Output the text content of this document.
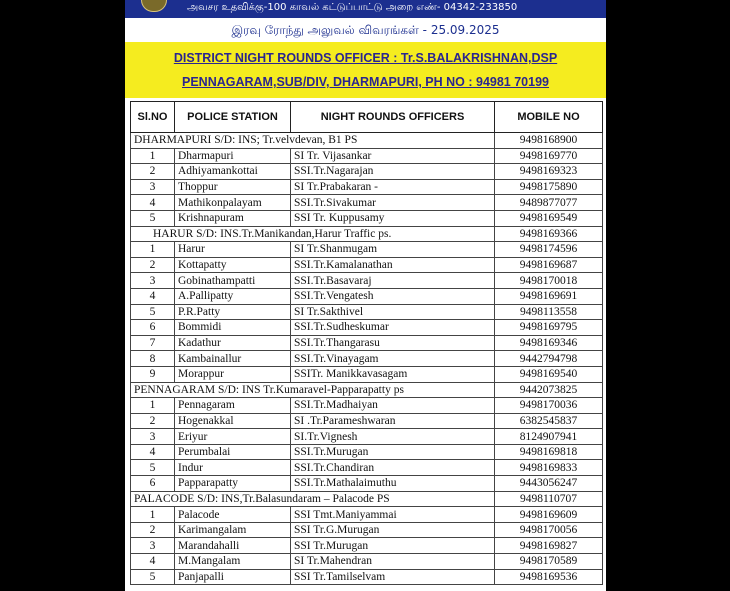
அவசர உதவிக்கு-100 காவல் கட்டுப்பாட்டு அறை எண்- 04342-233850
இரவு ரோந்து அலுவல் விவரங்கள் - 25.09.2025
DISTRICT NIGHT ROUNDS OFFICER : Tr.S.BALAKRISHNAN,DSP
PENNAGARAM,SUB/DIV, DHARMAPURI, PH NO : 94981 70199
Sl.NO	POLICE STATION	NIGHT ROUNDS OFFICERS	MOBILE NO
DHARMAPURI S/D: INS; Tr.velvdevan, B1 PS			9498168900
1	Dharmapuri	SI Tr. Vijasankar	9498169770
2	Adhiyamankottai	SSI.Tr.Nagarajan	9498169323
3	Thoppur	SI Tr.Prabakaran -	9498175890
4	Mathikonpalayam	SSI.Tr.Sivakumar	9489877077
5	Krishnapuram	SSI Tr. Kuppusamy	9498169549
HARUR S/D: INS.Tr.Manikandan,Harur Traffic ps.			9498169366
1	Harur	SI Tr.Shanmugam	9498174596
2	Kottapatty	SSI.Tr.Kamalanathan	9498169687
3	Gobinathampatti	SSI.Tr.Basavaraj	9498170018
4	A.Pallipatty	SSI.Tr.Vengatesh	9498169691
5	P.R.Patty	SI Tr.Sakthivel	9498113558
6	Bommidi	SSI.Tr.Sudheskumar	9498169795
7	Kadathur	SSI.Tr.Thangarasu	9498169346
8	Kambainallur	SSI.Tr.Vinayagam	9442794798
9	Morappur	SSITr. Manikkavasagam	9498169540
PENNAGARAM S/D: INS Tr.Kumaravel-Papparapatty ps			9442073825
1	Pennagaram	SSI.Tr.Madhaiyan	9498170036
2	Hogenakkal	SI .Tr.Parameshwaran	6382545837
3	Eriyur	SI.Tr.Vignesh	8124907941
4	Perumbalai	SSI.Tr.Murugan	9498169818
5	Indur	SSI.Tr.Chandiran	9498169833
6	Papparapatty	SSI.Tr.Mathalaimuthu	9443056247
PALACODE S/D: INS,Tr.Balasundaram – Palacode PS			9498110707
1	Palacode	SSI Tmt.Maniyammai	9498169609
2	Karimangalam	SSI Tr.G.Murugan	9498170056
3	Marandahalli	SSI Tr.Murugan	9498169827
4	M.Mangalam	SI Tr.Mahendran	9498170589
5	Panjapalli	SSI Tr.Tamilselvam	9498169536
